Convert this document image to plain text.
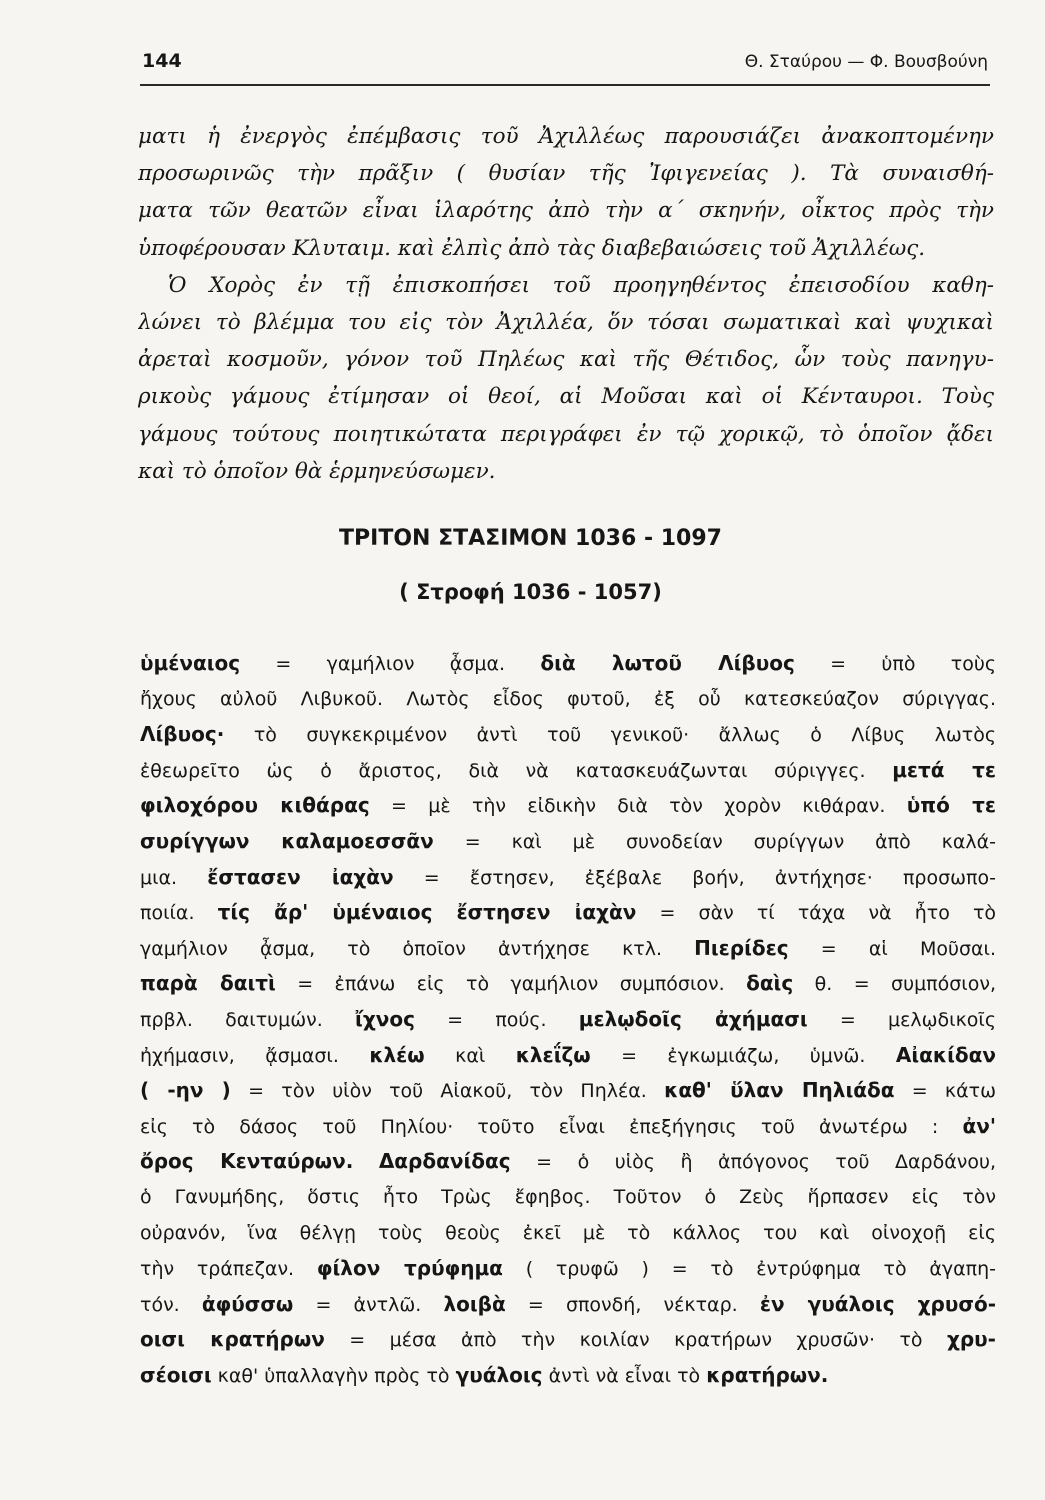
144	Θ. Σταύρου — Φ. Βουσβούνη
ματι ἡ ἐνεργὸς ἐπέμβασις τοῦ Ἀχιλλέως παρουσιάζει ἀνακοπτομένην
προσωρινῶς τὴν πρᾶξιν ( θυσίαν τῆς Ἰφιγενείας ). Τὰ συναισθή-
ματα τῶν θεατῶν εἶναι ἱλαρότης ἀπὸ τὴν α΄ σκηνήν, οἶκτος πρὸς τὴν
ὑποφέρουσαν Κλυταιμ. καὶ ἐλπὶς ἀπὸ τὰς διαβεβαιώσεις τοῦ Ἀχιλλέως.
Ὁ Χορὸς ἐν τῇ ἐπισκοπήσει τοῦ προηγηθέντος ἐπεισοδίου καθη-
λώνει τὸ βλέμμα του εἰς τὸν Ἀχιλλέα, ὅν τόσαι σωματικαὶ καὶ ψυχικαὶ
ἀρεταὶ κοσμοῦν, γόνον τοῦ Πηλέως καὶ τῆς Θέτιδος, ὧν τοὺς πανηγυ-
ρικοὺς γάμους ἐτίμησαν οἱ θεοί, αἱ Μοῦσαι καὶ οἱ Κένταυροι. Τοὺς
γάμους τούτους ποιητικώτατα περιγράφει ἐν τῷ χορικῷ, τὸ ὁποῖον ᾄδει
καὶ τὸ ὁποῖον θὰ ἑρμηνεύσωμεν.
ΤΡΙΤΟΝ ΣΤΑΣΙΜΟΝ 1036 - 1097
( Στροφή 1036 - 1057)
ὑμέναιος = γαμήλιον ᾆσμα. διὰ λωτοῦ Λίβυος = ὑπὸ τοὺς
ἤχους αὐλοῦ Λιβυκοῦ. Λωτὸς εἶδος φυτοῦ, ἐξ οὗ κατεσκεύαζον σύριγγας.
Λίβυος· τὸ συγκεκριμένον ἀντὶ τοῦ γενικοῦ· ἄλλως ὁ Λίβυς λωτὸς
ἐθεωρεῖτο ὡς ὁ ἄριστος, διὰ νὰ κατασκευάζωνται σύριγγες. μετά τε
φιλοχόρου κιθάρας = μὲ τὴν εἰδικὴν διὰ τὸν χορὸν κιθάραν. ὑπό τε
συρίγγων καλαμοεσσᾶν = καὶ μὲ συνοδείαν συρίγγων ἀπὸ καλά-
μια. ἔστασεν ἰαχὰν = ἔστησεν, ἐξέβαλε βοήν, ἀντήχησε· προσωπο-
ποιία. τίς ἄρ' ὑμέναιος ἔστησεν ἰαχὰν = σὰν τί τάχα νὰ ἦτο τὸ
γαμήλιον ᾆσμα, τὸ ὁποῖον ἀντήχησε κτλ. Πιερίδες = αἱ Μοῦσαι.
παρὰ δαιτὶ = ἐπάνω εἰς τὸ γαμήλιον συμπόσιον. δαὶς θ. = συμπόσιον,
πρβλ. δαιτυμών. ἴχνος = πούς. μελῳδοῖς ἀχήμασι = μελῳδικοῖς
ἠχήμασιν, ᾄσμασι. κλέω καὶ κλεΐζω = ἐγκωμιάζω, ὑμνῶ. Αἰακίδαν
( -ην ) = τὸν υἱὸν τοῦ Αἰακοῦ, τὸν Πηλέα. καθ' ὕλαν Πηλιάδα = κάτω
εἰς τὸ δάσος τοῦ Πηλίου· τοῦτο εἶναι ἐπεξήγησις τοῦ ἀνωτέρω : ἀν'
ὄρος Κενταύρων. Δαρδανίδας = ὁ υἱὸς ἢ ἀπόγονος τοῦ Δαρδάνου,
ὁ Γανυμήδης, ὅστις ἦτο Τρὼς ἔφηβος. Τοῦτον ὁ Ζεὺς ἥρπασεν εἰς τὸν
οὐρανόν, ἵνα θέλγῃ τοὺς θεοὺς ἐκεῖ μὲ τὸ κάλλος του καὶ οἰνοχοῇ εἰς
τὴν τράπεζαν. φίλον τρύφημα ( τρυφῶ ) = τὸ ἐντρύφημα τὸ ἀγαπη-
τόν. ἀφύσσω = ἀντλῶ. λοιβὰ = σπονδή, νέκταρ. ἐν γυάλοις χρυσό-
οισι κρατήρων = μέσα ἀπὸ τὴν κοιλίαν κρατήρων χρυσῶν· τὸ χρυ-
σέοισι καθ' ὑπαλλαγὴν πρὸς τὸ γυάλοις ἀντὶ νὰ εἶναι τὸ κρατήρων.
